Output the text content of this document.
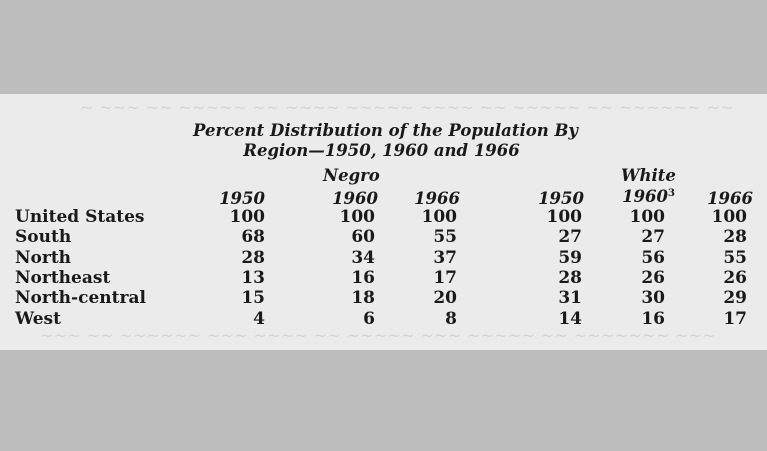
~ ~~~ ~~ ~~~~~ ~~ ~~~~ ~~~~~ ~~~~ ~~ ~~~~~ ~~ ~~~~~~ ~~
~~~ ~~ ~~~~~~ ~~~ ~~~~ ~~ ~~~~~ ~~~ ~~~~~ ~~ ~~~~~~~ ~~~
Percent Distribution of the Population By
Region—1950, 1960 and 1966
Negro	White
1950	1960	1966	1950	1960$^3$	1966
United States	100	100	100	100	100	100
South	68	60	55	27	27	28
North	28	34	37	59	56	55
Northeast	13	16	17	28	26	26
North-central	15	18	20	31	30	29
West	4	6	8	14	16	17
